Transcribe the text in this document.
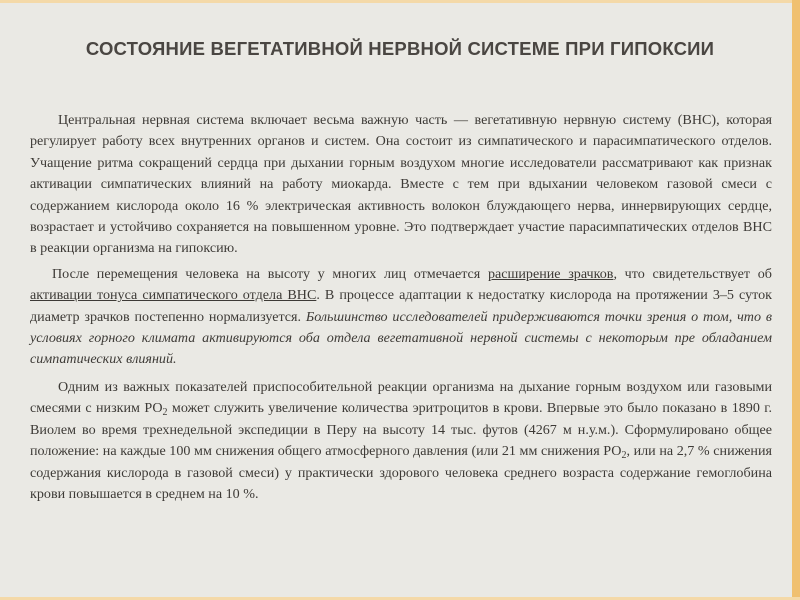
СОСТОЯНИЕ ВЕГЕТАТИВНОЙ НЕРВНОЙ СИСТЕМЕ ПРИ ГИПОКСИИ

Центральная нервная система включает весьма важную часть — вегетативную нервную систему (ВНС), которая регулирует работу всех внутренних органов и систем. Она состоит из симпатического и парасимпатического отделов. Учащение ритма сокращений сердца при дыхании горным воздухом многие исследователи рассматривают как признак активации симпатических влияний на работу миокарда. Вместе с тем при вдыхании человеком газовой смеси с содержанием кислорода около 16 % электрическая активность волокон блуждающего нерва, иннервирующих сердце, возрастает и устойчиво сохраняется на повышенном уровне. Это подтверждает участие парасимпатических отделов ВНС в реакции организма на гипоксию.

После перемещения человека на высоту у многих лиц отмечается расширение зрачков, что свидетельствует об активации тонуса симпатического отдела ВНС. В процессе адаптации к недостатку кислорода на протяжении 3–5 суток диаметр зрачков постепенно нормализуется. Большинство исследователей придерживаются точки зрения о том, что в условиях горного климата активируются оба отдела вегетативной нервной системы с некоторым пре обладанием симпатических влияний.

Одним из важных показателей приспособительной реакции организма на дыхание горным воздухом или газовыми смесями с низким $РО_2$ может служить увеличение количества эритроцитов в крови. Впервые это было показано в 1890 г. Виолем во время трехнедельной экспедиции в Перу на высоту 14 тыс. футов (4267 м н.у.м.). Сформулировано общее положение: на каждые 100 мм снижения общего атмосферного давления (или 21 мм снижения $РО_2$, или на 2,7 % снижения содержания кислорода в газовой смеси) у практически здорового человека среднего возраста содержание гемоглобина крови повышается в среднем на 10 %.
